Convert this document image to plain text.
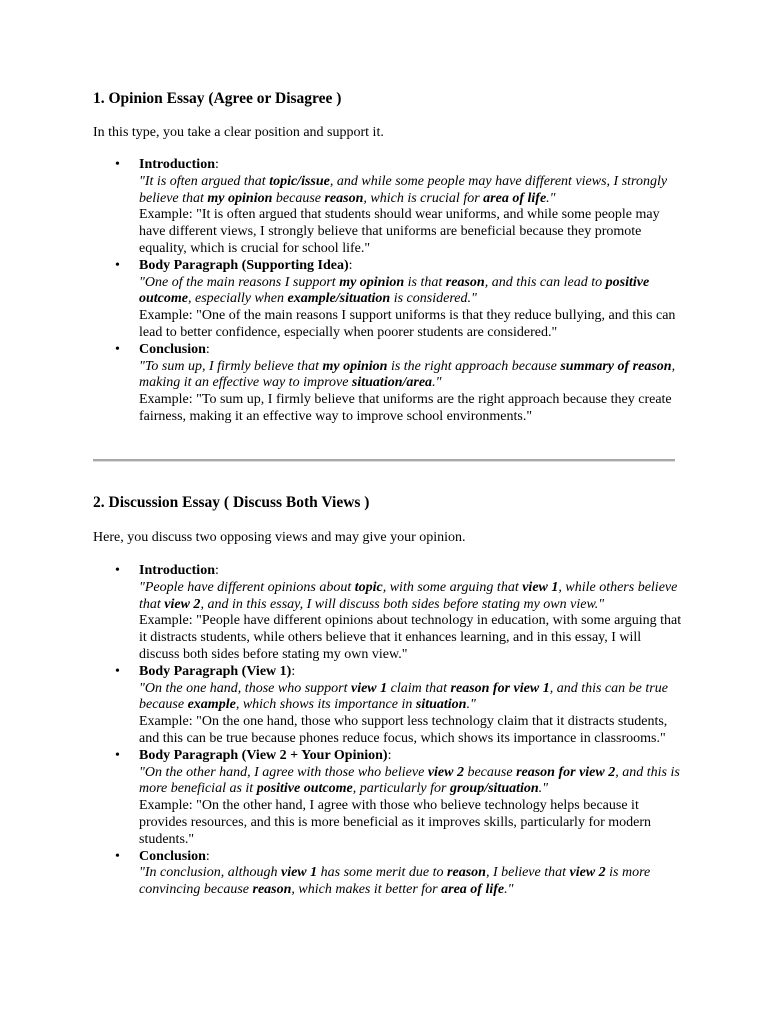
1. Opinion Essay (Agree or Disagree )

In this type, you take a clear position and support it.

• Introduction:
"It is often argued that topic/issue, and while some people may have different views, I strongly believe that my opinion because reason, which is crucial for area of life."
Example: "It is often argued that students should wear uniforms, and while some people may have different views, I strongly believe that uniforms are beneficial because they promote equality, which is crucial for school life."
• Body Paragraph (Supporting Idea):
"One of the main reasons I support my opinion is that reason, and this can lead to positive outcome, especially when example/situation is considered."
Example: "One of the main reasons I support uniforms is that they reduce bullying, and this can lead to better confidence, especially when poorer students are considered."
• Conclusion:
"To sum up, I firmly believe that my opinion is the right approach because summary of reason, making it an effective way to improve situation/area."
Example: "To sum up, I firmly believe that uniforms are the right approach because they create fairness, making it an effective way to improve school environments."
2. Discussion Essay ( Discuss Both Views )

Here, you discuss two opposing views and may give your opinion.

• Introduction:
"People have different opinions about topic, with some arguing that view 1, while others believe that view 2, and in this essay, I will discuss both sides before stating my own view."
Example: "People have different opinions about technology in education, with some arguing that it distracts students, while others believe that it enhances learning, and in this essay, I will discuss both sides before stating my own view."
• Body Paragraph (View 1):
"On the one hand, those who support view 1 claim that reason for view 1, and this can be true because example, which shows its importance in situation."
Example: "On the one hand, those who support less technology claim that it distracts students, and this can be true because phones reduce focus, which shows its importance in classrooms."
• Body Paragraph (View 2 + Your Opinion):
"On the other hand, I agree with those who believe view 2 because reason for view 2, and this is more beneficial as it positive outcome, particularly for group/situation."
Example: "On the other hand, I agree with those who believe technology helps because it provides resources, and this is more beneficial as it improves skills, particularly for modern students."
• Conclusion:
"In conclusion, although view 1 has some merit due to reason, I believe that view 2 is more convincing because reason, which makes it better for area of life."
